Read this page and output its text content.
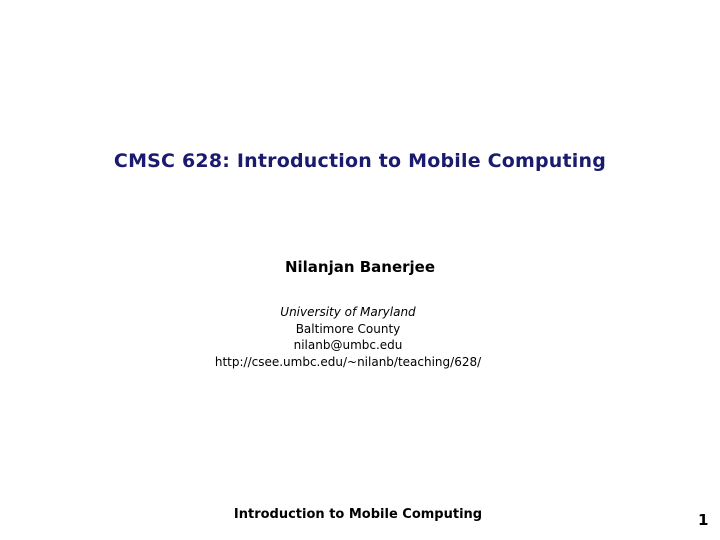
CMSC 628: Introduction to Mobile Computing
Nilanjan Banerjee
University of Maryland
Baltimore County
nilanb@umbc.edu
http://csee.umbc.edu/~nilanb/teaching/628/
Introduction to Mobile Computing	1
